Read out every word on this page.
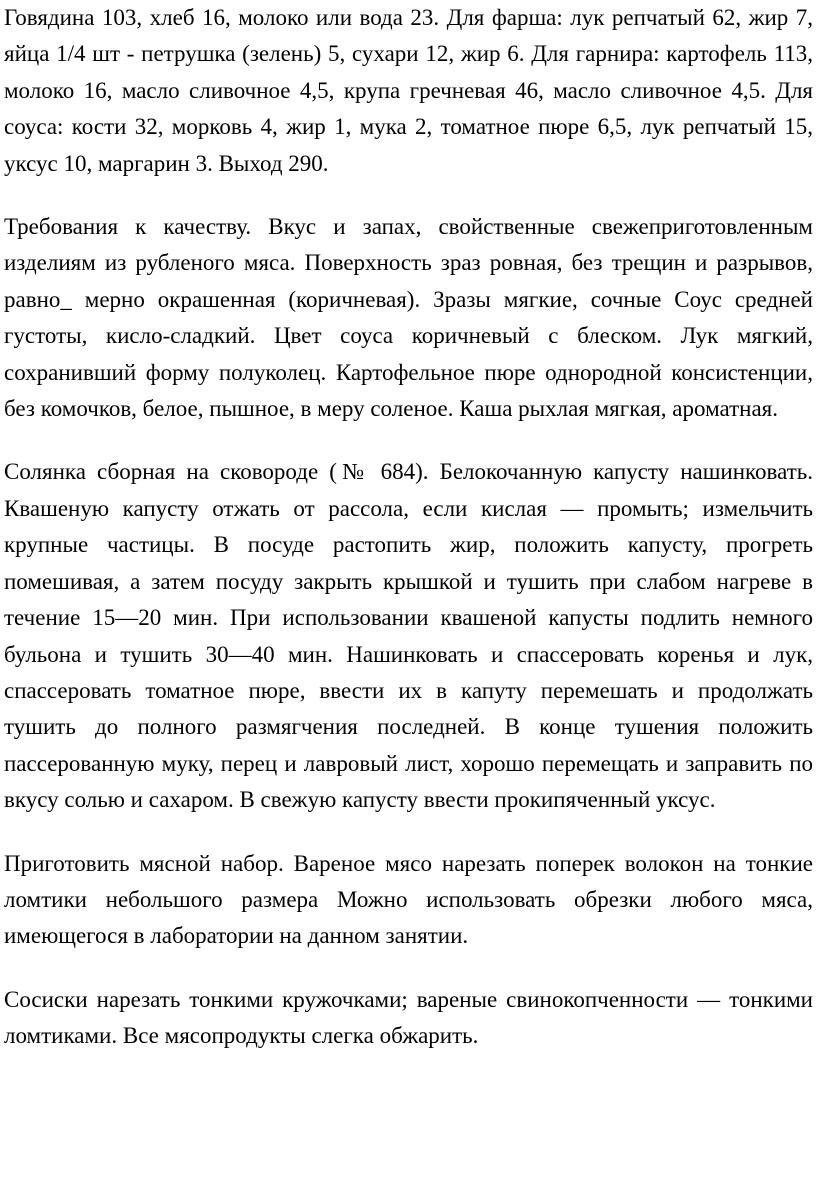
Говядина 103, хлеб 16, молоко или вода 23. Для фарша: лук репчатый 62, жир 7, яйца 1/4 шт - петрушка (зелень) 5, сухари 12, жир 6. Для гарнира: картофель 113, молоко 16, масло сливочное 4,5, крупа гречневая 46, масло сливочное 4,5. Для соуса: кости 32, морковь 4, жир 1, мука 2, томатное пюре 6,5, лук репчатый 15, уксус 10, маргарин 3. Выход 290.

Требования к качеству. Вкус и запах, свойственные свежеприготовленным изделиям из рубленого мяса. Поверхность зраз ровная, без трещин и разрывов, равно_ мерно окрашенная (коричневая). Зразы мягкие, сочные Соус средней густоты, кисло-сладкий. Цвет соуса коричневый с блеском. Лук мягкий, сохранивший форму полуколец. Картофельное пюре однородной консистенции, без комочков, белое, пышное, в меру соленое. Каша рыхлая мягкая, ароматная.

Солянка сборная на сковороде (№ 684). Белокочанную капусту нашинковать. Квашеную капусту отжать от рассола, если кислая — промыть; измельчить крупные частицы. В посуде растопить жир, положить капусту, прогреть помешивая, а затем посуду закрыть крышкой и тушить при слабом нагреве в течение 15—20 мин. При использовании квашеной капусты подлить немного бульона и тушить 30—40 мин. Нашинковать и спассеровать коренья и лук, спассеровать томатное пюре, ввести их в капуту перемешать и продолжать тушить до полного размягчения последней. В конце тушения положить пассерованную муку, перец и лавровый лист, хорошо перемещать и заправить по вкусу солью и сахаром. В свежую капусту ввести прокипяченный уксус.

Приготовить мясной набор. Вареное мясо нарезать поперек волокон на тонкие ломтики небольшого размера Можно использовать обрезки любого мяса, имеющегося в лаборатории на данном занятии.

Сосиски нарезать тонкими кружочками; вареные свинокопченности — тонкими ломтиками. Все мясопродукты слегка обжарить.
